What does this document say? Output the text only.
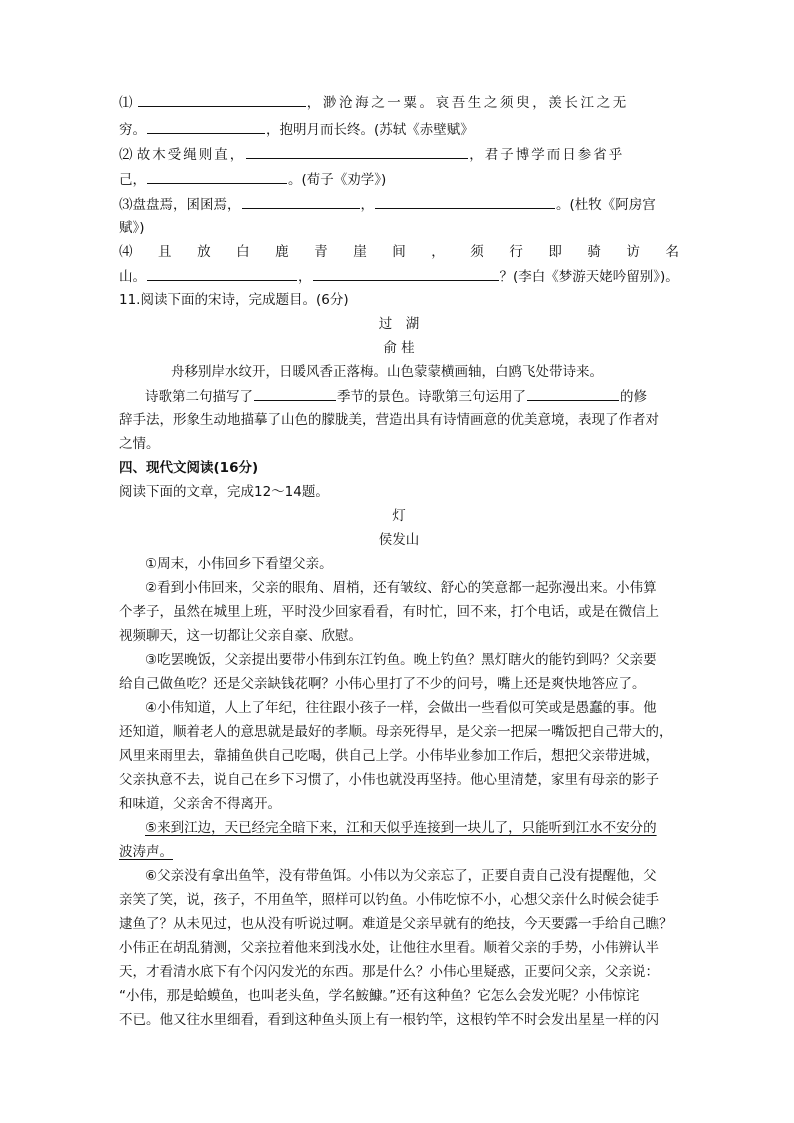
⑴	，渺沧海之一粟。哀吾生之须臾，羡长江之无
穷。	，抱明月而长终。(苏轼《赤壁赋》
⑵ 故木受绳则直，	，君子博学而日参省乎
己，	。(荀子《劝学》)
⑶盘盘焉，囷囷焉，	，	。(杜牧《阿房宫
赋》)
⑷ 且 放 白 鹿 青 崖 间 ， 须 行 即 骑 访 名
山。	，	？(李白《梦游天姥吟留别》)。
11.阅读下面的宋诗，完成题目。(6分)
过　湖
俞 桂
舟移别岸水纹开，日暖风香正落梅。山色蒙蒙横画轴，白鸥飞处带诗来。
诗歌第二句描写了	季节的景色。诗歌第三句运用了	的修
辞手法，形象生动地描摹了山色的朦胧美，营造出具有诗情画意的优美意境，表现了作者对
之情。
四、现代文阅读(16分)
阅读下面的文章，完成12～14题。
灯
侯发山
①周末，小伟回乡下看望父亲。
②看到小伟回来，父亲的眼角、眉梢，还有皱纹、舒心的笑意都一起弥漫出来。小伟算
个孝子，虽然在城里上班，平时没少回家看看，有时忙，回不来，打个电话，或是在微信上
视频聊天，这一切都让父亲自豪、欣慰。
③吃罢晚饭，父亲提出要带小伟到东江钓鱼。晚上钓鱼？黑灯瞎火的能钓到吗？父亲要
给自己做鱼吃？还是父亲缺钱花啊？小伟心里打了不少的问号，嘴上还是爽快地答应了。
④小伟知道，人上了年纪，往往跟小孩子一样，会做出一些看似可笑或是愚蠢的事。他
还知道，顺着老人的意思就是最好的孝顺。母亲死得早，是父亲一把屎一嘴饭把自己带大的，
风里来雨里去，靠捕鱼供自己吃喝，供自己上学。小伟毕业参加工作后，想把父亲带进城，
父亲执意不去，说自己在乡下习惯了，小伟也就没再坚持。他心里清楚，家里有母亲的影子
和味道，父亲舍不得离开。
⑤来到江边，天已经完全暗下来，江和天似乎连接到一块儿了，只能听到江水不安分的
波涛声。
⑥父亲没有拿出鱼竿，没有带鱼饵。小伟以为父亲忘了，正要自责自己没有提醒他，父
亲笑了笑，说，孩子，不用鱼竿，照样可以钓鱼。小伟吃惊不小，心想父亲什么时候会徒手
逮鱼了？从未见过，也从没有听说过啊。难道是父亲早就有的绝技，今天要露一手给自己瞧？
小伟正在胡乱猜测，父亲拉着他来到浅水处，让他往水里看。顺着父亲的手势，小伟辨认半
天，才看清水底下有个闪闪发光的东西。那是什么？小伟心里疑惑，正要问父亲，父亲说：
“小伟，那是蛤蟆鱼，也叫老头鱼，学名鮟鱇。”还有这种鱼？它怎么会发光呢？小伟惊诧
不已。他又往水里细看，看到这种鱼头顶上有一根钓竿，这根钓竿不时会发出星星一样的闪
